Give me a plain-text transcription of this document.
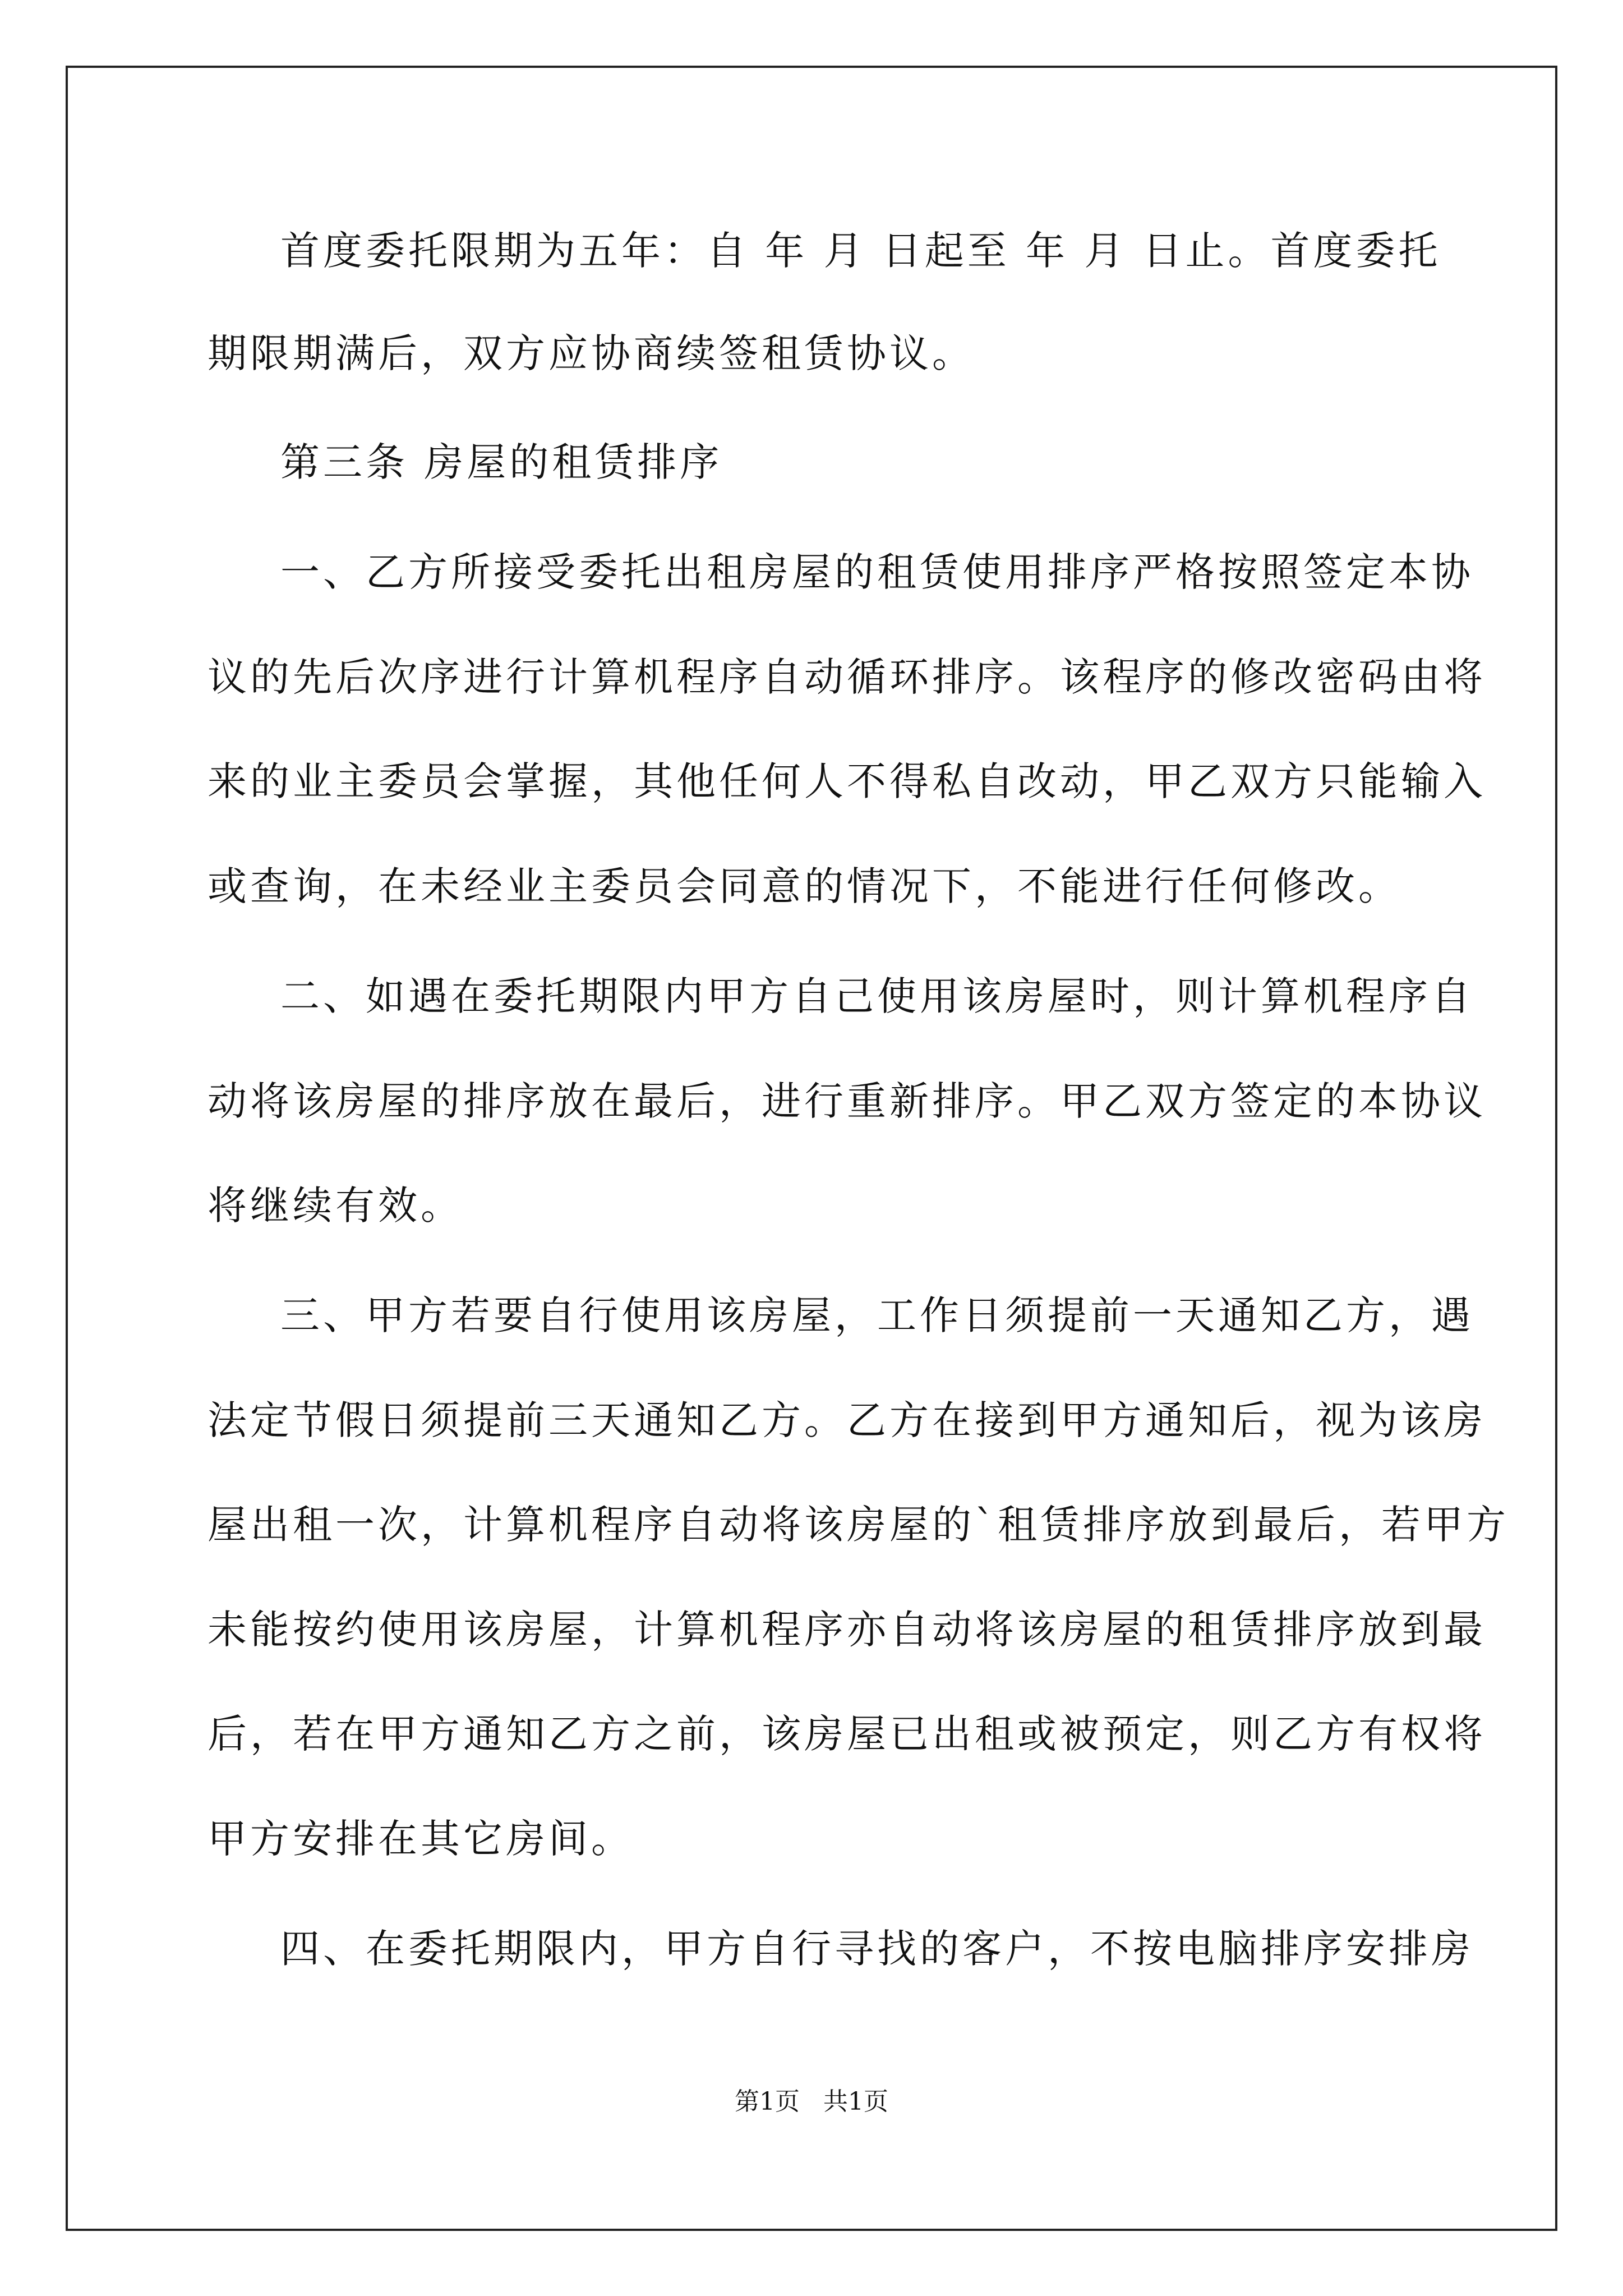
首度委托限期为五年：自 年 月 日起至 年 月 日止。首度委托
期限期满后，双方应协商续签租赁协议。
第三条 房屋的租赁排序
一、乙方所接受委托出租房屋的租赁使用排序严格按照签定本协
议的先后次序进行计算机程序自动循环排序。该程序的修改密码由将
来的业主委员会掌握，其他任何人不得私自改动，甲乙双方只能输入
或查询，在未经业主委员会同意的情况下，不能进行任何修改。
二、如遇在委托期限内甲方自己使用该房屋时，则计算机程序自
动将该房屋的排序放在最后，进行重新排序。甲乙双方签定的本协议
将继续有效。
三、甲方若要自行使用该房屋，工作日须提前一天通知乙方，遇
法定节假日须提前三天通知乙方。乙方在接到甲方通知后，视为该房
屋出租一次，计算机程序自动将该房屋的`租赁排序放到最后，若甲方
未能按约使用该房屋，计算机程序亦自动将该房屋的租赁排序放到最
后，若在甲方通知乙方之前，该房屋已出租或被预定，则乙方有权将
甲方安排在其它房间。
四、在委托期限内，甲方自行寻找的客户，不按电脑排序安排房
第1页   共1页
